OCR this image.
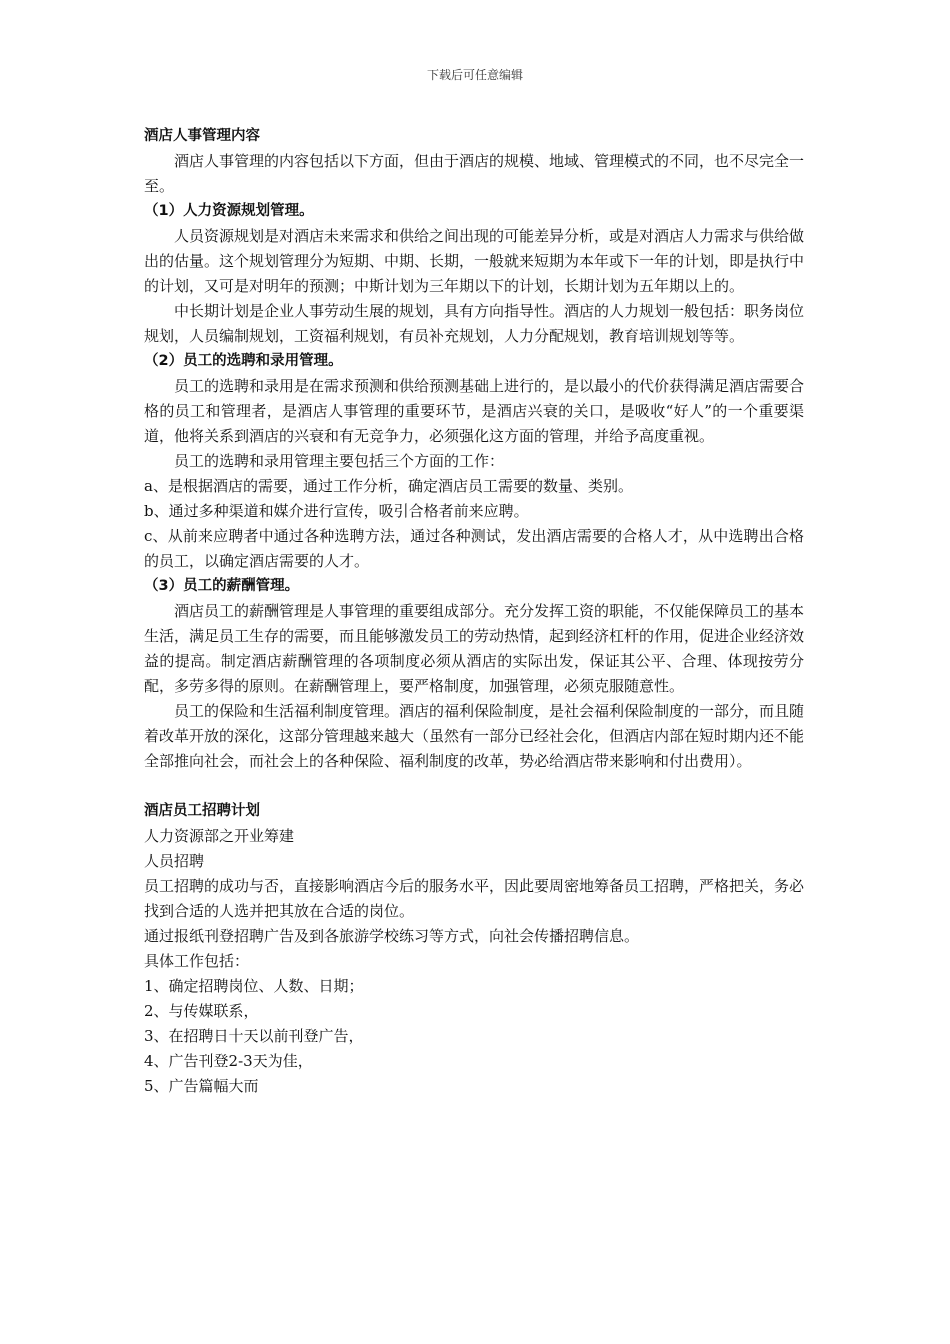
下载后可任意编辑
酒店人事管理内容

酒店人事管理的内容包括以下方面，但由于酒店的规模、地域、管理模式的不同，也不尽完全一至。

（1）人力资源规划管理。

人员资源规划是对酒店未来需求和供给之间出现的可能差异分析，或是对酒店人力需求与供给做出的估量。这个规划管理分为短期、中期、长期，一般就来短期为本年或下一年的计划，即是执行中的计划，又可是对明年的预测；中斯计划为三年期以下的计划，长期计划为五年期以上的。

中长期计划是企业人事劳动生展的规划，具有方向指导性。酒店的人力规划一般包括：职务岗位规划，人员编制规划，工资福利规划，有员补充规划，人力分配规划，教育培训规划等等。

（2）员工的选聘和录用管理。

员工的选聘和录用是在需求预测和供给预测基础上进行的，是以最小的代价获得满足酒店需要合格的员工和管理者，是酒店人事管理的重要环节，是酒店兴衰的关口，是吸收“好人”的一个重要渠道，他将关系到酒店的兴衰和有无竞争力，必须强化这方面的管理，并给予高度重视。

员工的选聘和录用管理主要包括三个方面的工作：

a、是根据酒店的需要，通过工作分析，确定酒店员工需要的数量、类别。

b、通过多种渠道和媒介进行宣传，吸引合格者前来应聘。

c、从前来应聘者中通过各种选聘方法，通过各种测试，发出酒店需要的合格人才，从中选聘出合格的员工，以确定酒店需要的人才。

（3）员工的薪酬管理。

酒店员工的薪酬管理是人事管理的重要组成部分。充分发挥工资的职能，不仅能保障员工的基本生活，满足员工生存的需要，而且能够激发员工的劳动热情，起到经济杠杆的作用，促进企业经济效益的提高。制定酒店薪酬管理的各项制度必须从酒店的实际出发，保证其公平、合理、体现按劳分配，多劳多得的原则。在薪酬管理上，要严格制度，加强管理，必须克服随意性。

员工的保险和生活福利制度管理。酒店的福利保险制度，是社会福利保险制度的一部分，而且随着改革开放的深化，这部分管理越来越大（虽然有一部分已经社会化，但酒店内部在短时期内还不能全部推向社会，而社会上的各种保险、福利制度的改革，势必给酒店带来影响和付出费用）。

酒店员工招聘计划

人力资源部之开业筹建

人员招聘

员工招聘的成功与否，直接影响酒店今后的服务水平，因此要周密地筹备员工招聘，严格把关，务必找到合适的人选并把其放在合适的岗位。

通过报纸刊登招聘广告及到各旅游学校练习等方式，向社会传播招聘信息。

具体工作包括：

1、确定招聘岗位、人数、日期；

2、与传媒联系，

3、在招聘日十天以前刊登广告，

4、广告刊登2-3天为佳，

5、广告篇幅大而
